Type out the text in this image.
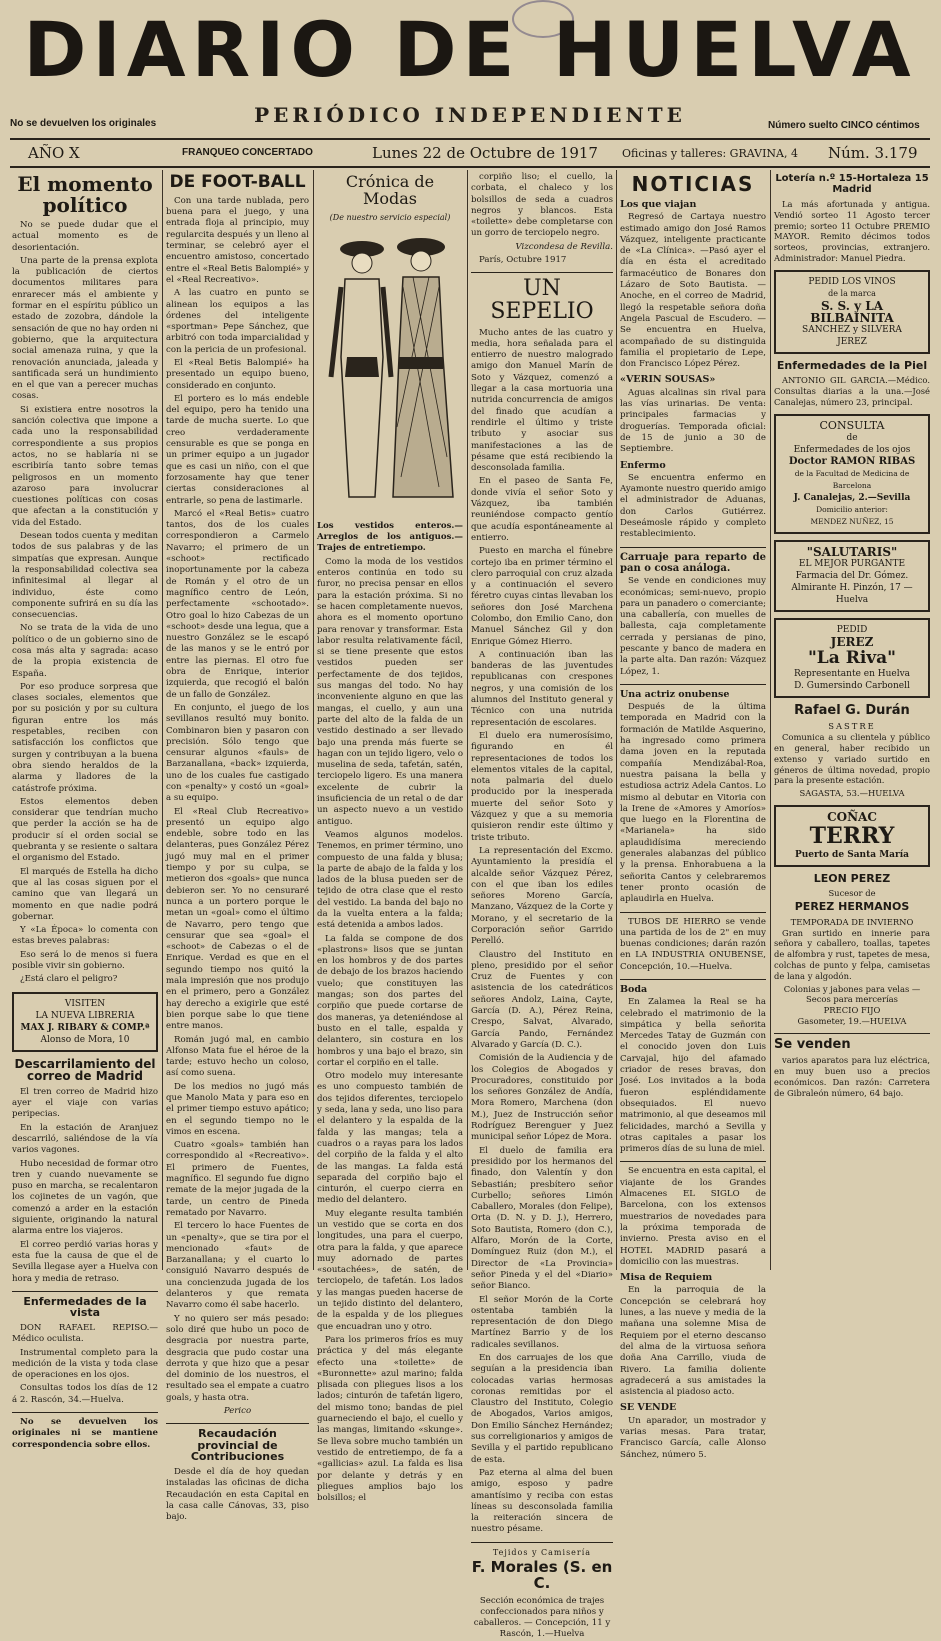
DIARIO DE HUELVA
PERIÓDICO INDEPENDIENTE
No se devuelven los originales	Número suelto CINCO céntimos
AÑO X	FRANQUEO CONCERTADO	Lunes 22 de Octubre de 1917 Oficinas y talleres: GRAVINA, 4 Núm. 3.179
El momento político

No se puede dudar que el actual momento es de desorientación.

Una parte de la prensa explota la publicación de ciertos documentos militares para enrarecer más el ambiente y formar en el espíritu público un estado de zozobra, dándole la sensación de que no hay orden ni gobierno, que la arquitectura social amenaza ruina, y que la renovación anunciada, jaleada y santificada será un hundimiento en el que van a perecer muchas cosas.

Si existiera entre nosotros la sanción colectiva que impone a cada uno la responsabilidad correspondiente a sus propios actos, no se hablaría ni se escribiría tanto sobre temas peligrosos en un momento azaroso para involucrar cuestiones políticas con cosas que afectan a la constitución y vida del Estado.

Desean todos cuenta y meditan todos de sus palabras y de las simpatías que expresan. Aunque la responsabilidad colectiva sea infinitesimal al llegar al individuo, éste como componente sufrirá en su día las consecuencias.

No se trata de la vida de uno político o de un gobierno sino de cosa más alta y sagrada: acaso de la propia existencia de España.

Por eso produce sorpresa que clases sociales, elementos que por su posición y por su cultura figuran entre los más respetables, reciben con satisfacción los conflictos que surgen y contribuyan a la buena obra siendo heraldos de la alarma y lladores de la catástrofe próxima.

Estos elementos deben considerar que tendrían mucho que perder la acción se ha de producir sí el orden social se quebranta y se resiente o saltara el organismo del Estado.

El marqués de Estella ha dicho que al las cosas siguen por el camino que van llegará un momento en que nadie podrá gobernar.

Y «La Época» lo comenta con estas breves palabras:

Eso será lo de menos si fuera posible vivir sin gobierno.

¿Está claro el peligro?

VISITEN
LA NUEVA LIBRERIA
MAX J. RIBARY & COMP.ª
Alonso de Mora, 10
Descarrilamiento del correo de Madrid

El tren correo de Madrid hizo ayer el viaje con varias peripecias.

En la estación de Aranjuez descarriló, saliéndose de la vía varios vagones.

Hubo necesidad de formar otro tren y cuando nuevamente se puso en marcha, se recalentaron los cojinetes de un vagón, que comenzó a arder en la estación siguiente, originando la natural alarma entre los viajeros.

El correo perdió varias horas y esta fue la causa de que el de Sevilla llegase ayer a Huelva con hora y media de retraso.

Enfermedades de la vista

DON RAFAEL REPISO.—Médico oculista.

Instrumental completo para la medición de la vista y toda clase de operaciones en los ojos.

Consultas todos los días de 12 á 2. Rascón, 34.—Huelva.

No se devuelven los originales ni se mantiene correspondencia sobre ellos.

DE FOOT-BALL

Con una tarde nublada, pero buena para el juego, y una entrada floja al principio, muy regularcita después y un lleno al terminar, se celebró ayer el encuentro amistoso, concertado entre el «Real Betis Balompié» y el «Real Recreativo».

A las cuatro en punto se alinean los equipos a las órdenes del inteligente «sportman» Pepe Sánchez, que arbitró con toda imparcialidad y con la pericia de un profesional.

El «Real Betis Balompié» ha presentado un equipo bueno, considerado en conjunto.

El portero es lo más endeble del equipo, pero ha tenido una tarde de mucha suerte. Lo que creo verdaderamente censurable es que se ponga en un primer equipo a un jugador que es casi un niño, con el que forzosamente hay que tener ciertas consideraciones al entrarle, so pena de lastimarle.

Marcó el «Real Betis» cuatro tantos, dos de los cuales correspondieron a Carmelo Navarro; el primero de un «schoot» rectificado inoportunamente por la cabeza de Román y el otro de un magnífico centro de León, perfectamente «schootado». Otro goal lo hizo Cabezas de un «schoot» desde una legua, que a nuestro González se le escapó de las manos y se le entró por entre las piernas. El otro fue obra de Enrique, interior izquierda, que recogió el balón de un fallo de González.

En conjunto, el juego de los sevillanos resultó muy bonito. Combinaron bien y pasaron con precisión. Sólo tengo que censurar algunos «fauls» de Barzanallana, «back» izquierda, uno de los cuales fue castigado con «penalty» y costó un «goal» a su equipo.

El «Real Club Recreativo» presentó un equipo algo endeble, sobre todo en las delanteras, pues González Pérez jugó muy mal en el primer tiempo y por su culpa, se metieron dos «goals» que nunca debieron ser. Yo no censuraré nunca a un portero porque le metan un «goal» como el último de Navarro, pero tengo que censurar que sea «goal» el «schoot» de Cabezas o el de Enrique. Verdad es que en el segundo tiempo nos quitó la mala impresión que nos produjo en el primero, pero a González hay derecho a exigirle que esté bien porque sabe lo que tiene entre manos.

Román jugó mal, en cambio Alfonso Mata fue el héroe de la tarde; estuvo hecho un coloso, así como suena.

De los medios no jugó más que Manolo Mata y para eso en el primer tiempo estuvo apático; en el segundo tiempo no le vimos en escena.

Cuatro «goals» también han correspondido al «Recreativo». El primero de Fuentes, magnífico. El segundo fue digno remate de la mejor jugada de la tarde, un centro de Pineda rematado por Navarro.

El tercero lo hace Fuentes de un «penalty», que se tira por el mencionado «faut» de Barzanallana; y el cuarto lo consiguió Navarro después de una concienzuda jugada de los delanteros y que remata Navarro como él sabe hacerlo.

Y no quiero ser más pesado: solo diré que hubo un poco de desgracia por nuestra parte, desgracia que pudo costar una derrota y que hizo que a pesar del dominio de los nuestros, el resultado sea el empate a cuatro goals, y hasta otra.

Perico

Recaudación provincial de Contribuciones

Desde el día de hoy quedan instaladas las oficinas de dicha Recaudación en esta Capital en la casa calle Cánovas, 33, piso bajo.

Crónica de Modas
(De nuestro servicio especial)

Los vestidos enteros.—Arreglos de los antiguos.—Trajes de entretiempo.

Como la moda de los vestidos enteros continúa en todo su furor, no precisa pensar en ellos para la estación próxima. Si no se hacen completamente nuevos, ahora es el momento oportuno para renovar y transformar. Esta labor resulta relativamente fácil, si se tiene presente que estos vestidos pueden ser perfectamente de dos tejidos, sus mangas del todo. No hay inconveniente alguno en que las mangas, el cuello, y aun una parte del alto de la falda de un vestido destinado a ser llevado bajo una prenda más fuerte se hagan con un tejido ligero, velo o muselina de seda, tafetán, satén, terciopelo ligero. Es una manera excelente de cubrir la insuficiencia de un retal o de dar un aspecto nuevo a un vestido antiguo.

Veamos algunos modelos. Tenemos, en primer término, uno compuesto de una falda y blusa; la parte de abajo de la falda y los lados de la blusa pueden ser de tejido de otra clase que el resto del vestido. La banda del bajo no da la vuelta entera a la falda; está detenida a ambos lados.

La falda se compone de dos «plastrons» lisos que se juntan en los hombros y de dos partes de debajo de los brazos haciendo vuelo; que constituyen las mangas; son dos partes del corpiño que puede cortarse de dos maneras, ya deteniéndose al busto en el talle, espalda y delantero, sin costura en los hombros y una bajo el brazo, sin cortar el corpiño en el talle.

Otro modelo muy interesante es uno compuesto también de dos tejidos diferentes, terciopelo y seda, lana y seda, uno liso para el delantero y la espalda de la falda y las mangas; tela a cuadros o a rayas para los lados del corpiño de la falda y el alto de las mangas. La falda está separada del corpiño bajo el cinturón, el cuerpo cierra en medio del delantero.

Muy elegante resulta también un vestido que se corta en dos longitudes, una para el cuerpo, otra para la falda, y que aparece muy adornado de partes «soutachées», de satén, de terciopelo, de tafetán. Los lados y las mangas pueden hacerse de un tejido distinto del delantero, de la espalda y de los pliegues que encuadran uno y otro.

Para los primeros fríos es muy práctica y del más elegante efecto una «toilette» de «Buronnette» azul marino; falda plisada con pliegues lisos a los lados; cinturón de tafetán ligero, del mismo tono; bandas de piel guarneciendo el bajo, el cuello y las mangas, limitando «skunge». Se lleva sobre mucho también un vestido de entretiempo, de fa a «gallicias» azul. La falda es lisa por delante y detrás y en pliegues amplios bajo los bolsillos; el

corpiño liso; el cuello, la corbata, el chaleco y los bolsillos de seda a cuadros negros y blancos. Esta «toilette» debe completarse con un gorro de terciopelo negro.

Vizcondesa de Revilla.

París, Octubre 1917

UN SEPELIO

Mucho antes de las cuatro y media, hora señalada para el entierro de nuestro malogrado amigo don Manuel Marín de Soto y Vázquez, comenzó a llegar a la casa mortuoria una nutrida concurrencia de amigos del finado que acudían a rendirle el último y triste tributo y asociar sus manifestaciones a las de pésame que está recibiendo la desconsolada familia.

En el paseo de Santa Fe, donde vivía el señor Soto y Vázquez, iba también reuniéndose compacto gentío que acudía espontáneamente al entierro.

Puesto en marcha el fúnebre cortejo iba en primer término el clero parroquial con cruz alzada y a continuación el severo féretro cuyas cintas llevaban los señores don José Marchena Colombo, don Emilio Cano, don Manuel Sánchez Gil y don Enrique Gómez Hierro.

A continuación iban las banderas de las juventudes republicanas con crespones negros, y una comisión de los alumnos del Instituto general y Técnico con una nutrida representación de escolares.

El duelo era numerosísimo, figurando en él representaciones de todos los elementos vitales de la capital, nota palmaria del duelo producido por la inesperada muerte del señor Soto y Vázquez y que a su memoria quisieron rendir este último y triste tributo.

La representación del Excmo. Ayuntamiento la presidía el alcalde señor Vázquez Pérez, con el que iban los ediles señores Moreno García, Manzano, Vázquez de la Corte y Morano, y el secretario de la Corporación señor Garrido Perelló.

Claustro del Instituto en pleno, presidido por el señor Cruz de Fuentes y con asistencia de los catedráticos señores Andolz, Laina, Cayte, García (D. A.), Pérez Reina, Crespo, Salvat, Alvarado, García Pando, Fernández Alvarado y García (D. C.).

Comisión de la Audiencia y de los Colegios de Abogados y Procuradores, constituido por los señores González de Andía, Mora Romero, Marchena (don M.), Juez de Instrucción señor Rodríguez Berenguer y Juez municipal señor López de Mora.

El duelo de familia era presidido por los hermanos del finado, don Valentín y don Sebastián; presbítero señor Curbello; señores Limón Caballero, Morales (don Felipe), Orta (D. N. y D. J.), Herrero, Soto Bautista, Romero (don C.), Alfaro, Morón de la Corte, Domínguez Ruiz (don M.), el Director de «La Provincia» señor Pineda y el del «Diario» señor Bianco.

El señor Morón de la Corte ostentaba también la representación de don Diego Martínez Barrio y de los radicales sevillanos.

En dos carruajes de los que seguían a la presidencia iban colocadas varias hermosas coronas remitidas por el Claustro del Instituto, Colegio de Abogados, Varios amigos, Don Emilio Sánchez Hernández; sus correligionarios y amigos de Sevilla y el partido republicano de esta.

Paz eterna al alma del buen amigo, esposo y padre amantísimo y reciba con estas líneas su desconsolada familia la reiteración sincera de nuestro pésame.

Tejidos y Camisería
F. Morales (S. en C.

Sección económica de trajes confeccionados para niños y caballeros. — Concepción, 11 y Rascón, 1.—Huelva

NOTICIAS
Los que viajan

Regresó de Cartaya nuestro estimado amigo don José Ramos Vázquez, inteligente practicante de «La Clínica». —Pasó ayer el día en ésta el acreditado farmacéutico de Bonares don Lázaro de Soto Bautista. —Anoche, en el correo de Madrid, llegó la respetable señora doña Angela Pascual de Escudero. —Se encuentra en Huelva, acompañado de su distinguida familia el propietario de Lepe, don Francisco López Pérez.

«VERIN SOUSAS»

Aguas alcalinas sin rival para las vías urinarias. De venta: principales farmacias y droguerías. Temporada oficial: de 15 de junio a 30 de Septiembre.

Enfermo

Se encuentra enfermo en Ayamonte nuestro querido amigo el administrador de Aduanas, don Carlos Gutiérrez. Deseámosle rápido y completo restablecimiento.

Carruaje para reparto de pan o cosa análoga.

Se vende en condiciones muy económicas; semi-nuevo, propio para un panadero o comerciante; una caballería, con muelles de ballesta, caja completamente cerrada y persianas de pino, pescante y banco de madera en la parte alta. Dan razón: Vázquez López, 1.

Una actriz onubense

Después de la última temporada en Madrid con la formación de Matilde Asquerino, ha ingresado como primera dama joven en la reputada compañía Mendizábal-Roa, nuestra paisana la bella y estudiosa actriz Adela Cantos. Lo mismo al debutar en Vitoria con la Irene de «Amores y Amoríos» que luego en la Florentina de «Marianela» ha sido aplaudidísima mereciendo generales alabanzas del público y la prensa. Enhorabuena a la señorita Cantos y celebraremos tener pronto ocasión de aplaudirla en Huelva.

TUBOS DE HIERRO se vende una partida de los de 2" en muy buenas condiciones; darán razón en LA INDUSTRIA ONUBENSE, Concepción, 10.—Huelva.

Boda

En Zalamea la Real se ha celebrado el matrimonio de la simpática y bella señorita Mercedes Tatay de Guzmán con el conocido joven don Luis Carvajal, hijo del afamado criador de reses bravas, don José. Los invitados a la boda fueron espléndidamente obsequiados. El nuevo matrimonio, al que deseamos mil felicidades, marchó a Sevilla y otras capitales a pasar los primeros días de su luna de miel.

Se encuentra en esta capital, el viajante de los Grandes Almacenes EL SIGLO de Barcelona, con los extensos muestrarios de novedades para la próxima temporada de invierno. Presta aviso en el HOTEL MADRID pasará a domicilio con las muestras.

Misa de Requiem

En la parroquia de la Concepción se celebrará hoy lunes, a las nueve y media de la mañana una solemne Misa de Requiem por el eterno descanso del alma de la virtuosa señora doña Ana Carrillo, viuda de Rivero. La familia doliente agradecerá a sus amistades la asistencia al piadoso acto.

SE VENDE

Un aparador, un mostrador y varias mesas. Para tratar, Francisco García, calle Alonso Sánchez, número 5.

Lotería n.º 15-Hortaleza 15 Madrid

La más afortunada y antigua. Vendió sorteo 11 Agosto tercer premio; sorteo 11 Octubre PREMIO MAYOR. Remito décimos todos sorteos, provincias, extranjero. Administrador: Manuel Piedra.

PEDID LOS VINOS
de la marca
S. S. y LA BILBAINITA
SANCHEZ y SILVERA
JEREZ
Enfermedades de la Piel

ANTONIO GIL GARCIA.—Médico. Consultas diarias a la una.—José Canalejas, número 23, principal.

CONSULTA
de
Enfermedades de los ojos
Doctor RAMON RIBAS
de la Facultad de Medicina de Barcelona
J. Canalejas, 2.—Sevilla
Domicilio anterior:
MENDEZ NUÑEZ, 15
"SALUTARIS"
EL MEJOR PURGANTE
Farmacia del Dr. Gómez.
Almirante H. Pinzón, 17 — Huelva
PEDID
JEREZ
"La Riva"
Representante en Huelva
D. Gumersindo Carbonell
Rafael G. Durán
SASTRE

Comunica a su clientela y público en general, haber recibido un extenso y variado surtido en géneros de última novedad, propio para la presente estación.

SAGASTA, 53.—HUELVA
COÑAC
TERRY
Puerto de Santa María
LEON PEREZ
Sucesor de
PEREZ HERMANOS
TEMPORADA DE INVIERNO

Gran surtido en innerie para señora y caballero, toallas, tapetes de alfombra y rust, tapetes de mesa, colchas de punto y felpa, camisetas de lana y algodón.

Colonias y jabones para velas — Secos para mercerías
PRECIO FIJO
Gasometer, 19.—HUELVA
Se venden

varios aparatos para luz eléctrica, en muy buen uso a precios económicos. Dan razón: Carretera de Gibraleón número, 64 bajo.
